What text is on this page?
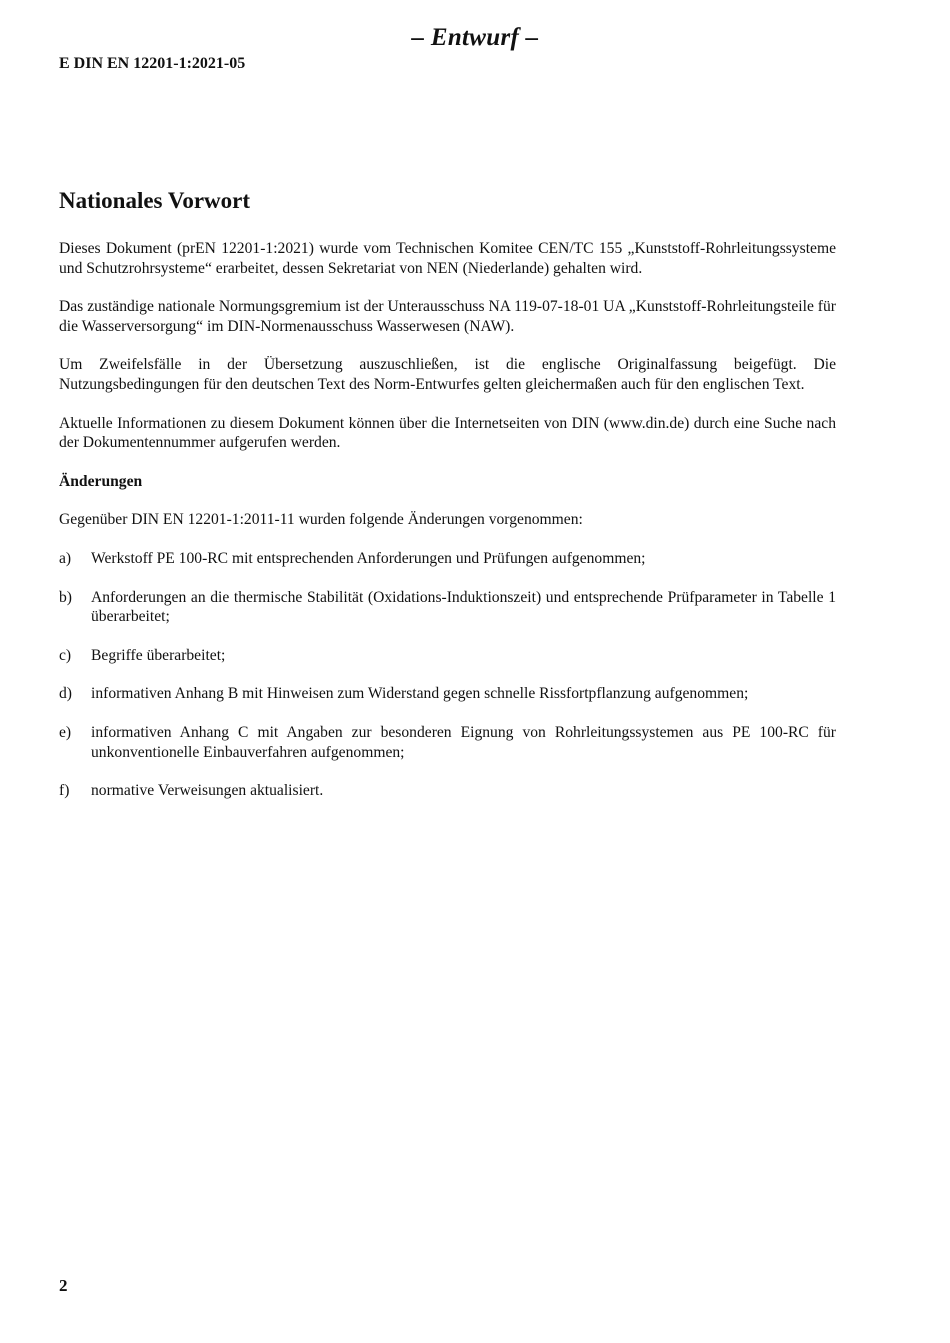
– Entwurf –
E DIN EN 12201-1:2021-05
Nationales Vorwort

Dieses Dokument (prEN 12201-1:2021) wurde vom Technischen Komitee CEN/TC 155 „Kunststoff-Rohrleitungssysteme und Schutzrohrsysteme“ erarbeitet, dessen Sekretariat von NEN (Niederlande) gehalten wird.

Das zuständige nationale Normungsgremium ist der Unterausschuss NA 119-07-18-01 UA „Kunststoff-Rohrleitungsteile für die Wasserversorgung“ im DIN-Normenausschuss Wasserwesen (NAW).

Um Zweifelsfälle in der Übersetzung auszuschließen, ist die englische Originalfassung beigefügt. Die Nutzungsbedingungen für den deutschen Text des Norm-Entwurfes gelten gleichermaßen auch für den englischen Text.

Aktuelle Informationen zu diesem Dokument können über die Internetseiten von DIN (www.din.de) durch eine Suche nach der Dokumentennummer aufgerufen werden.

Änderungen

Gegenüber DIN EN 12201-1:2011-11 wurden folgende Änderungen vorgenommen:

a)	Werkstoff PE 100-RC mit entsprechenden Anforderungen und Prüfungen aufgenommen;
b)	Anforderungen an die thermische Stabilität (Oxidations-Induktionszeit) und entsprechende Prüfparameter in Tabelle 1 überarbeitet;
c)	Begriffe überarbeitet;
d)	informativen Anhang B mit Hinweisen zum Widerstand gegen schnelle Rissfortpflanzung aufgenommen;
e)	informativen Anhang C mit Angaben zur besonderen Eignung von Rohrleitungssystemen aus PE 100-RC für unkonventionelle Einbauverfahren aufgenommen;
f)	normative Verweisungen aktualisiert.
2
